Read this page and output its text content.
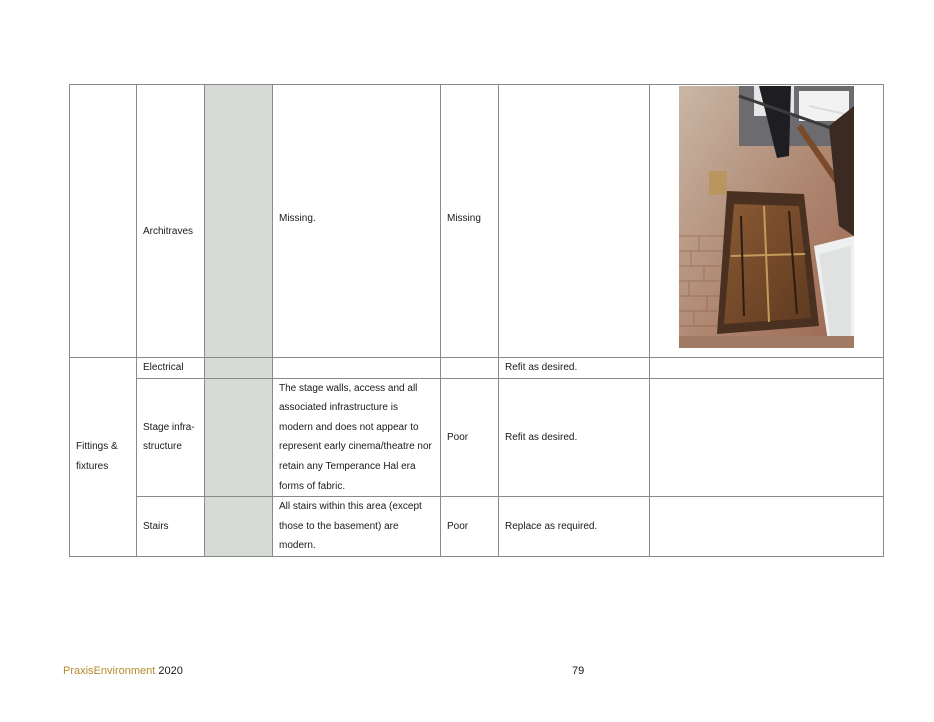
	Architraves		Missing.	Missing		

Fittings & fixtures	Electrical				Refit as desired.	
	Stage infra-structure		The stage walls, access and all associated infrastructure is modern and does not appear to represent early cinema/theatre nor retain any Temperance Hal era forms of fabric.	Poor	Refit as desired.	
	Stairs		All stairs within this area (except those to the basement) are modern.	Poor	Replace as required.	
PraxisEnvironment 2020	79
